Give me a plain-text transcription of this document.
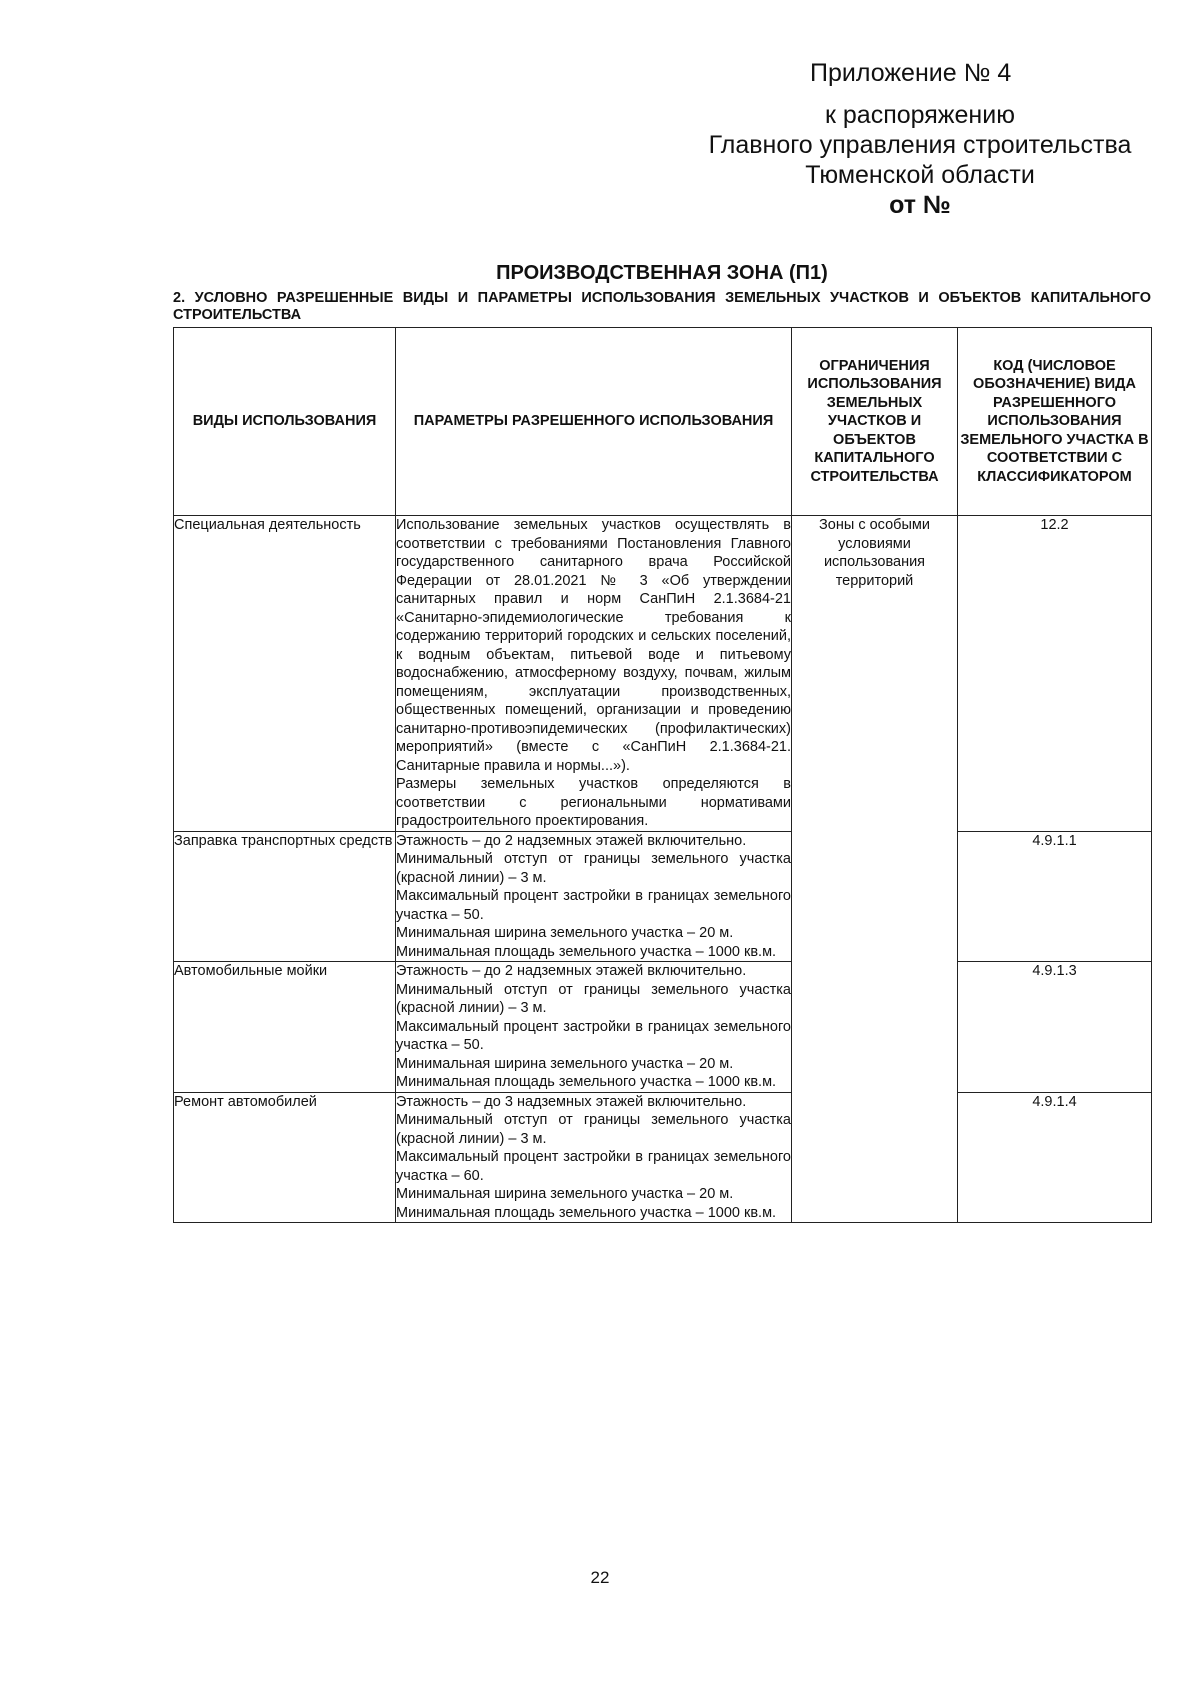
Приложение № 4
к распоряжению
Главного управления строительства
Тюменской области
от №
ПРОИЗВОДСТВЕННАЯ ЗОНА (П1)
2. УСЛОВНО РАЗРЕШЕННЫЕ ВИДЫ И ПАРАМЕТРЫ ИСПОЛЬЗОВАНИЯ ЗЕМЕЛЬНЫХ УЧАСТКОВ И ОБЪЕКТОВ КАПИТАЛЬНОГО СТРОИТЕЛЬСТВА
ВИДЫ ИСПОЛЬЗОВАНИЯ	ПАРАМЕТРЫ РАЗРЕШЕННОГО ИСПОЛЬЗОВАНИЯ	ОГРАНИЧЕНИЯ ИСПОЛЬЗОВАНИЯ ЗЕМЕЛЬНЫХ УЧАСТКОВ И ОБЪЕКТОВ КАПИТАЛЬНОГО СТРОИТЕЛЬСТВА	КОД (ЧИСЛОВОЕ ОБОЗНАЧЕНИЕ) ВИДА РАЗРЕШЕННОГО ИСПОЛЬЗОВАНИЯ ЗЕМЕЛЬНОГО УЧАСТКА В СООТВЕТСТВИИ С КЛАССИФИКАТОРОМ
Специальная деятельность	Использование земельных участков осуществлять в соответствии с требованиями Постановления Главного государственного санитарного врача Российской Федерации от 28.01.2021 № 3 «Об утверждении санитарных правил и норм СанПиН 2.1.3684-21 «Санитарно-эпидемиологические требования к содержанию территорий городских и сельских поселений, к водным объектам, питьевой воде и питьевому водоснабжению, атмосферному воздуху, почвам, жилым помещениям, эксплуатации производственных, общественных помещений, организации и проведению санитарно-противоэпидемических (профилактических) мероприятий» (вместе с «СанПиН 2.1.3684-21. Санитарные правила и нормы...»).
Размеры земельных участков определяются в соответствии с региональными нормативами градостроительного проектирования.	Зоны с особыми условиями использования территорий	12.2
Заправка транспортных средств	Этажность – до 2 надземных этажей включительно.
Минимальный отступ от границы земельного участка (красной линии) – 3 м.
Максимальный процент застройки в границах земельного участка – 50.
Минимальная ширина земельного участка – 20 м.
Минимальная площадь земельного участка – 1000 кв.м.		4.9.1.1
Автомобильные мойки	Этажность – до 2 надземных этажей включительно.
Минимальный отступ от границы земельного участка (красной линии) – 3 м.
Максимальный процент застройки в границах земельного участка – 50.
Минимальная ширина земельного участка – 20 м.
Минимальная площадь земельного участка – 1000 кв.м.		4.9.1.3
Ремонт автомобилей	Этажность – до 3 надземных этажей включительно.
Минимальный отступ от границы земельного участка (красной линии) – 3 м.
Максимальный процент застройки в границах земельного участка – 60.
Минимальная ширина земельного участка – 20 м.
Минимальная площадь земельного участка – 1000 кв.м.		4.9.1.4
22
